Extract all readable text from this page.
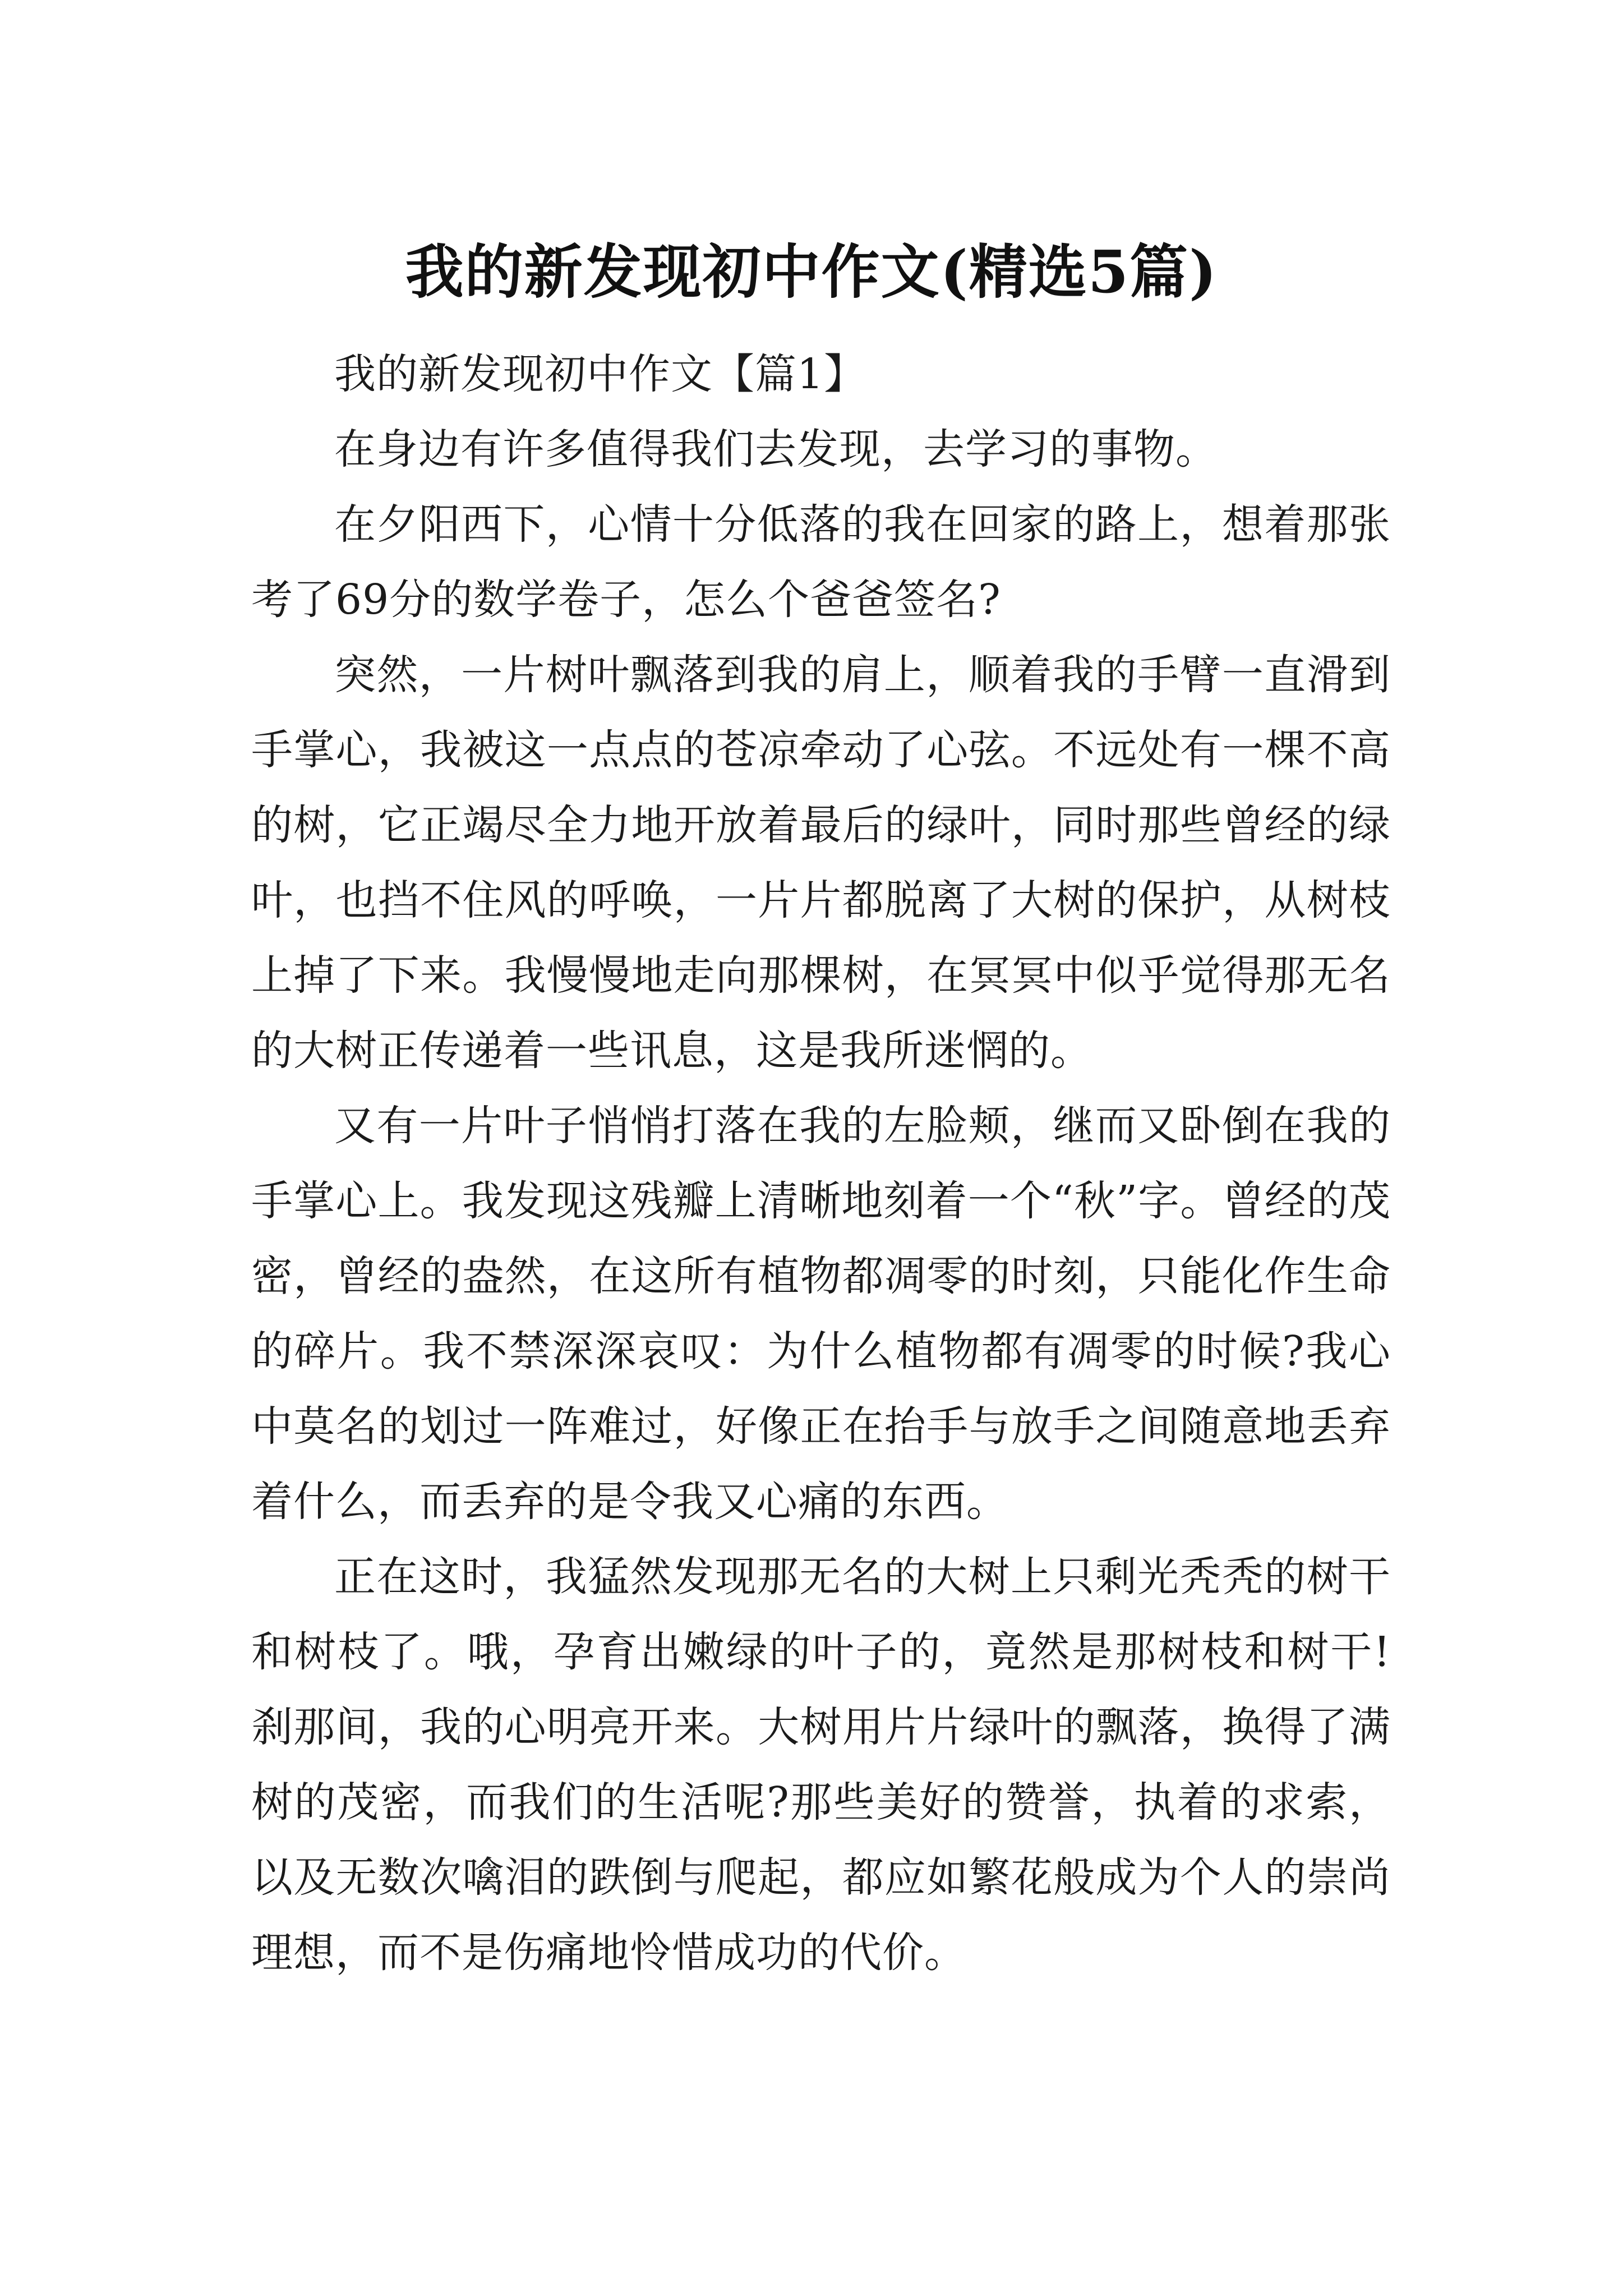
我的新发现初中作文(精选5篇)

我的新发现初中作文【篇1】

在身边有许多值得我们去发现，去学习的事物。

在夕阳西下，心情十分低落的我在回家的路上，想着那张考了69分的数学卷子，怎么个爸爸签名?

突然，一片树叶飘落到我的肩上，顺着我的手臂一直滑到手掌心，我被这一点点的苍凉牵动了心弦。不远处有一棵不高的树，它正竭尽全力地开放着最后的绿叶，同时那些曾经的绿叶，也挡不住风的呼唤，一片片都脱离了大树的保护，从树枝上掉了下来。我慢慢地走向那棵树，在冥冥中似乎觉得那无名的大树正传递着一些讯息，这是我所迷惘的。

又有一片叶子悄悄打落在我的左脸颊，继而又卧倒在我的手掌心上。我发现这残瓣上清晰地刻着一个“秋”字。曾经的茂密，曾经的盎然，在这所有植物都凋零的时刻，只能化作生命的碎片。我不禁深深哀叹：为什么植物都有凋零的时候?我心中莫名的划过一阵难过，好像正在抬手与放手之间随意地丢弃着什么，而丢弃的是令我又心痛的东西。

正在这时，我猛然发现那无名的大树上只剩光秃秃的树干和树枝了。哦，孕育出嫩绿的叶子的，竟然是那树枝和树干!刹那间，我的心明亮开来。大树用片片绿叶的飘落，换得了满树的茂密，而我们的生活呢?那些美好的赞誉，执着的求索，以及无数次噙泪的跌倒与爬起，都应如繁花般成为个人的崇尚理想，而不是伤痛地怜惜成功的代价。
